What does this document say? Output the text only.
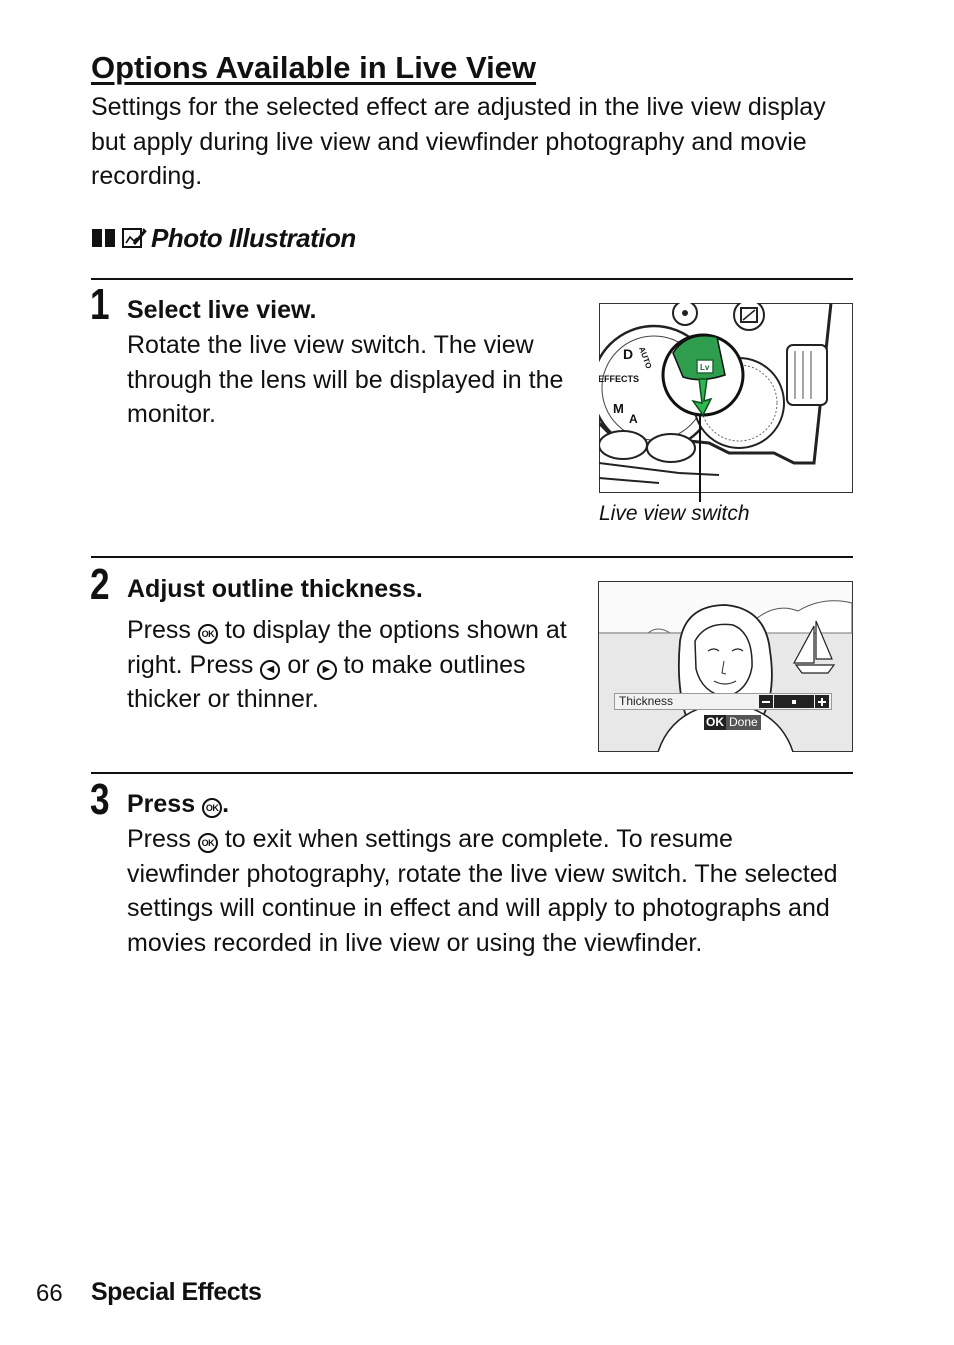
Options Available in Live View

Settings for the selected effect are adjusted in the live view display but apply during live view and viewfinder photography and movie recording.

Photo Illustration
1 Select live view.

Rotate the live view switch. The view through the lens will be displayed in the monitor.

EFFECTS
AUTO
D
M
A
Lv
Live view switch
2 Adjust outline thickness.

Press OK to display the options shown at right. Press ◀ or ▶ to make outlines thicker or thinner.	Thickness
OK Done
3 Press OK .

Press OK to exit when settings are complete. To resume viewfinder photography, rotate the live view switch. The selected settings will continue in effect and will apply to photographs and movies recorded in live view or using the viewfinder.

66 Special Effects
